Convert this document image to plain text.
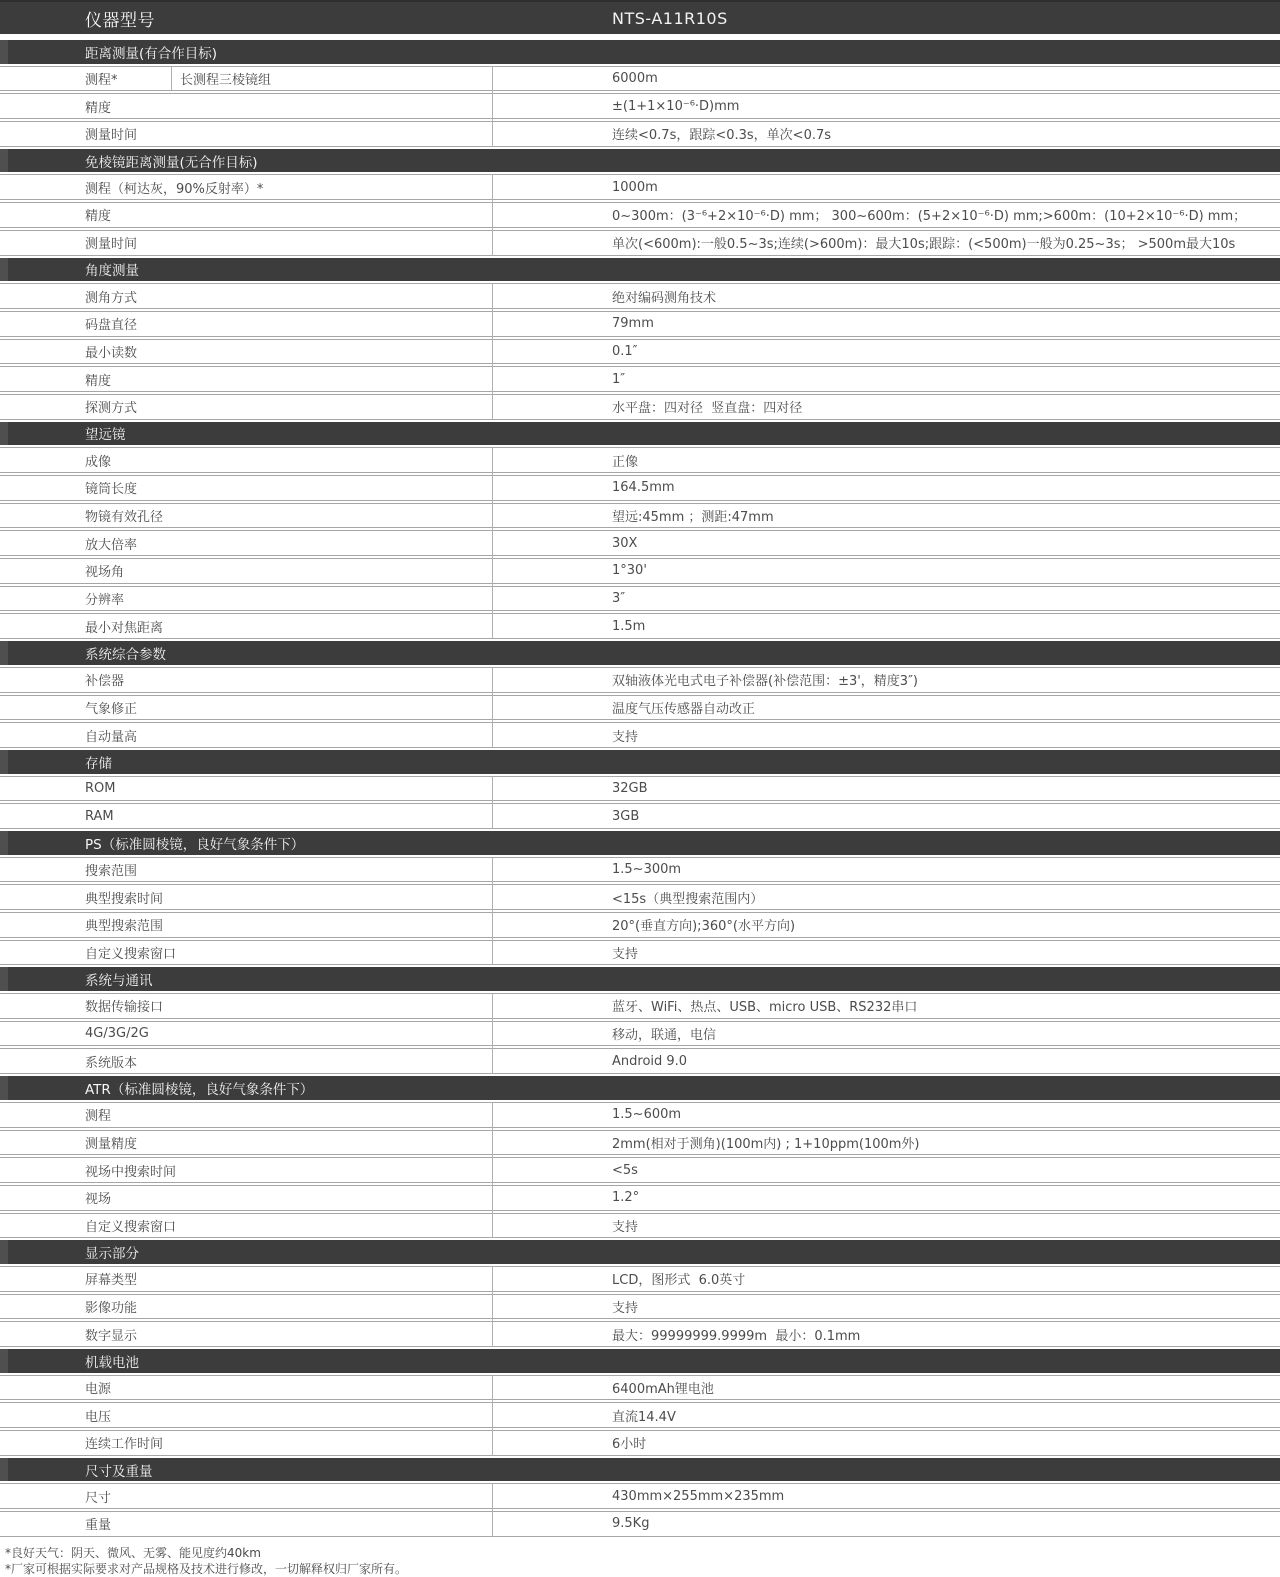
仪器型号	NTS-A11R10S
距离测量(有合作目标)
测程*	长测程三棱镜组	6000m
精度	±(1+1×10⁻⁶·D)mm
测量时间	连续<0.7s，跟踪<0.3s，单次<0.7s
免棱镜距离测量(无合作目标)
测程（柯达灰，90%反射率）*	1000m
精度	0~300m：(3⁻⁶+2×10⁻⁶·D) mm； 300~600m：(5+2×10⁻⁶·D) mm;>600m：(10+2×10⁻⁶·D) mm；
测量时间	单次(<600m):一般0.5~3s;连续(>600m)：最大10s;跟踪：(<500m)一般为0.25~3s； >500m最大10s
角度测量
测角方式	绝对编码测角技术
码盘直径	79mm
最小读数	0.1″
精度	1″
探测方式	水平盘：四对径  竖直盘：四对径
望远镜
成像	正像
镜筒长度	164.5mm
物镜有效孔径	望远:45mm ；测距:47mm
放大倍率	30X
视场角	1°30'
分辨率	3″
最小对焦距离	1.5m
系统综合参数
补偿器	双轴液体光电式电子补偿器(补偿范围：±3'，精度3″)
气象修正	温度气压传感器自动改正
自动量高	支持
存储
ROM	32GB
RAM	3GB
PS（标准圆棱镜，良好气象条件下）
搜索范围	1.5~300m
典型搜索时间	<15s（典型搜索范围内）
典型搜索范围	20°(垂直方向);360°(水平方向)
自定义搜索窗口	支持
系统与通讯
数据传输接口	蓝牙、WiFi、热点、USB、micro USB、RS232串口
4G/3G/2G	移动，联通，电信
系统版本	Android 9.0
ATR（标准圆棱镜，良好气象条件下）
测程	1.5~600m
测量精度	2mm(相对于测角)(100m内) ; 1+10ppm(100m外)
视场中搜索时间	<5s
视场	1.2°
自定义搜索窗口	支持
显示部分
屏幕类型	LCD，图形式  6.0英寸
影像功能	支持
数字显示	最大：99999999.9999m  最小：0.1mm
机载电池
电源	6400mAh锂电池
电压	直流14.4V
连续工作时间	6小时
尺寸及重量
尺寸	430mm×255mm×235mm
重量	9.5Kg
*良好天气：阴天、微风、无雾、能见度约40km
*厂家可根据实际要求对产品规格及技术进行修改，一切解释权归厂家所有。
